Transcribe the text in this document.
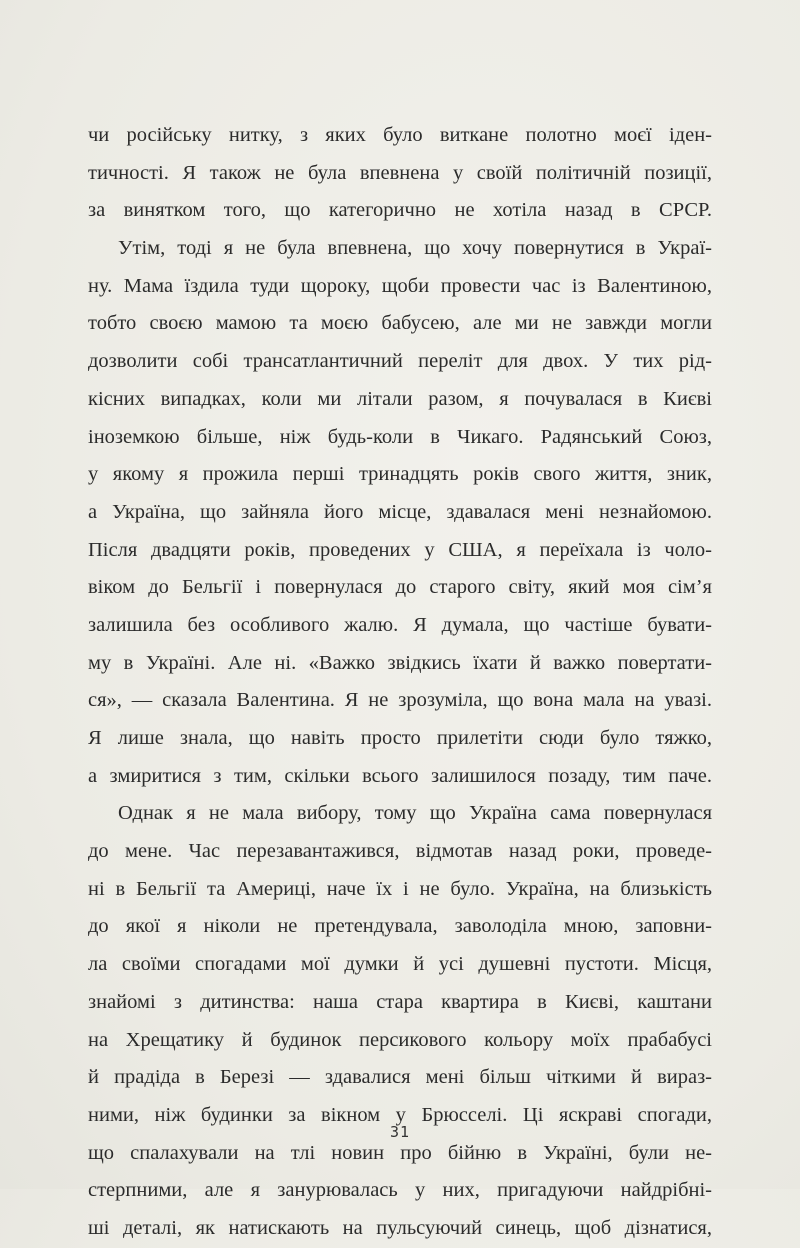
чи російську нитку, з яких було виткане полотно моєї іден-
тичності. Я також не була впевнена у своїй політичній позиції,
за винятком того, що категорично не хотіла назад в СРСР.
Утім, тоді я не була впевнена, що хочу повернутися в Украї-
ну. Мама їздила туди щороку, щоби провести час із Валентиною,
тобто своєю мамою та моєю бабусею, але ми не завжди могли
дозволити собі трансатлантичний переліт для двох. У тих рід-
кісних випадках, коли ми літали разом, я почувалася в Києві
іноземкою більше, ніж будь-коли в Чикаго. Радянський Союз,
у якому я прожила перші тринадцять років свого життя, зник,
а Україна, що зайняла його місце, здавалася мені незнайомою.
Після двадцяти років, проведених у США, я переїхала із чоло-
віком до Бельгії і повернулася до старого світу, який моя сім’я
залишила без особливого жалю. Я думала, що частіше бувати-
му в Україні. Але ні. «Важко звідкись їхати й важко повертати-
ся», — сказала Валентина. Я не зрозуміла, що вона мала на увазі.
Я лише знала, що навіть просто прилетіти сюди було тяжко,
а змиритися з тим, скільки всього залишилося позаду, тим паче.
Однак я не мала вибору, тому що Україна сама повернулася
до мене. Час перезавантажився, відмотав назад роки, проведе-
ні в Бельгії та Америці, наче їх і не було. Україна, на близькість
до якої я ніколи не претендувала, заволоділа мною, заповни-
ла своїми спогадами мої думки й усі душевні пустоти. Місця,
знайомі з дитинства: наша стара квартира в Києві, каштани
на Хрещатику й будинок персикового кольору моїх прабабусі
й прадіда в Березі — здавалися мені більш чіткими й вираз-
ними, ніж будинки за вікном у Брюсселі. Ці яскраві спогади,
що спалахували на тлі новин про бійню в Україні, були не-
стерпними, але я занурювалась у них, пригадуючи найдрібні-
ші деталі, як натискають на пульсуючий синець, щоб дізнатися,
31
